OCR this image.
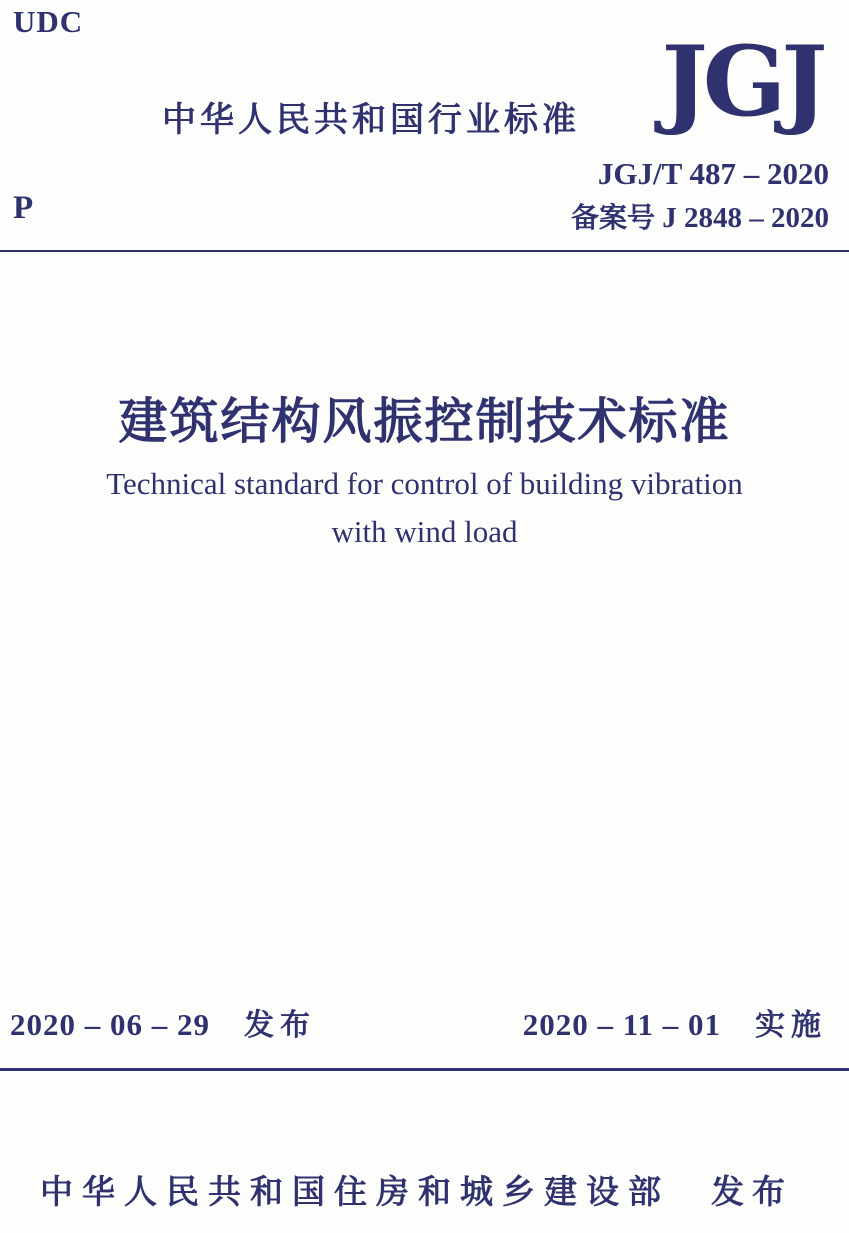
UDC
中华人民共和国行业标准 JGJ
JGJ/T 487 – 2020
备案号 J 2848 – 2020
P
建筑结构风振控制技术标准
Technical standard for control of building vibration
with wind load
2020 – 06 – 29 发布	2020 – 11 – 01 实施
中华人民共和国住房和城乡建设部 发布
